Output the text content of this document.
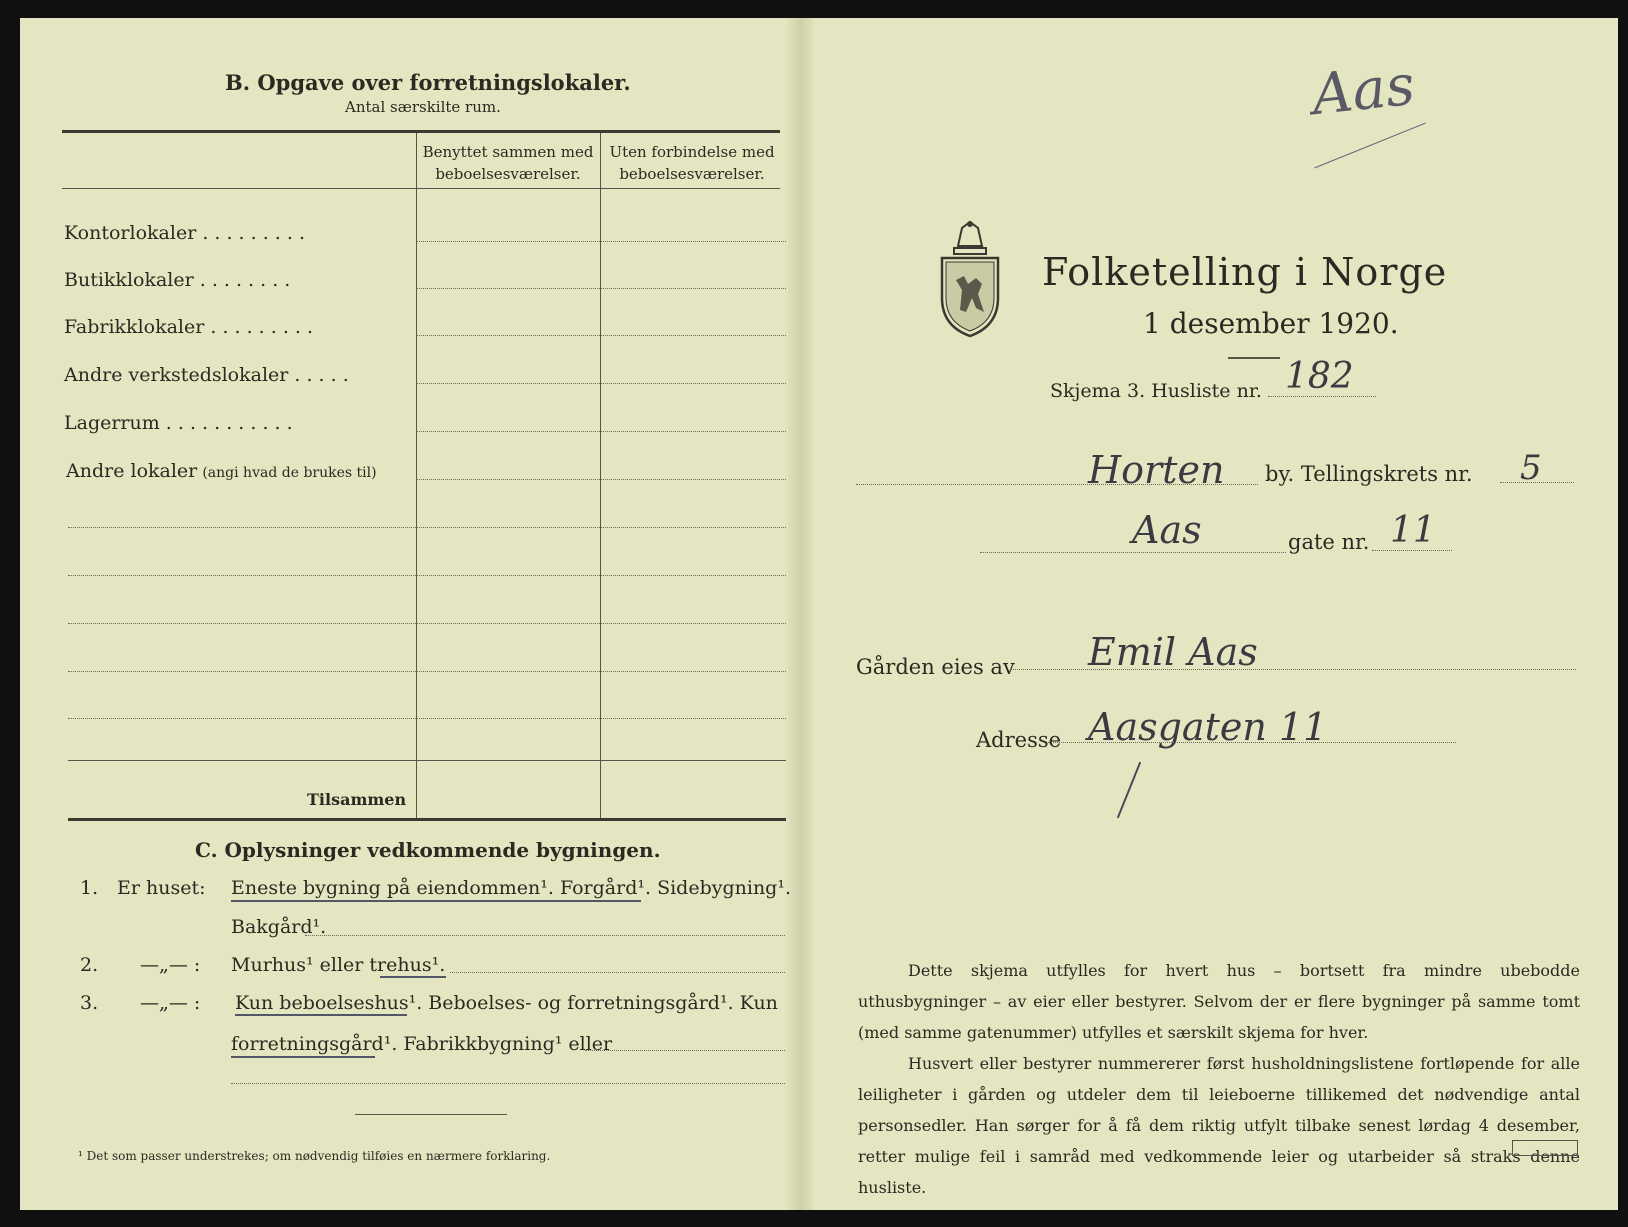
B. Opgave over forretningslokaler.
Antal særskilte rum.
Benyttet sammen med beboelsesværelser.
Uten forbindelse med beboelsesværelser.
Kontorlokaler . . . . . . . . .
Butikklokaler . . . . . . . .
Fabrikklokaler . . . . . . . . .
Andre verkstedslokaler . . . . .
Lagerrum . . . . . . . . . . .
Andre lokaler (angi hvad de brukes til)
Tilsammen
C. Oplysninger vedkommende bygningen.
1. Er huset: Eneste bygning på eiendommen¹. Forgård¹. Sidebygning¹.
Bakgård¹.
2. —„— : Murhus¹ eller trehus¹.
3. —„— : Kun beboelseshus¹. Beboelses- og forretningsgård¹. Kun
forretningsgård¹. Fabrikkbygning¹ eller
¹ Det som passer understrekes; om nødvendig tilføies en nærmere forklaring.
Aas
Folketelling i Norge
1 desember 1920.
Skjema 3. Husliste nr. 182
Horten by. Tellingskrets nr. 5
Aas	gate nr. 11
Gården eies av Emil Aas
Adresse Aasgaten 11
Dette skjema utfylles for hvert hus – bortsett fra mindre ubebodde uthusbygninger – av eier eller bestyrer. Selvom der er flere bygninger på samme tomt (med samme gatenummer) utfylles et særskilt skjema for hver.
Husvert eller bestyrer nummererer først husholdningslistene fortløpende for alle leiligheter i gården og utdeler dem til leieboerne tillikemed det nødvendige antal personsedler. Han sørger for å få dem riktig utfylt tilbake senest lørdag 4 desember, retter mulige feil i samråd med vedkommende leier og utarbeider så straks denne husliste.
